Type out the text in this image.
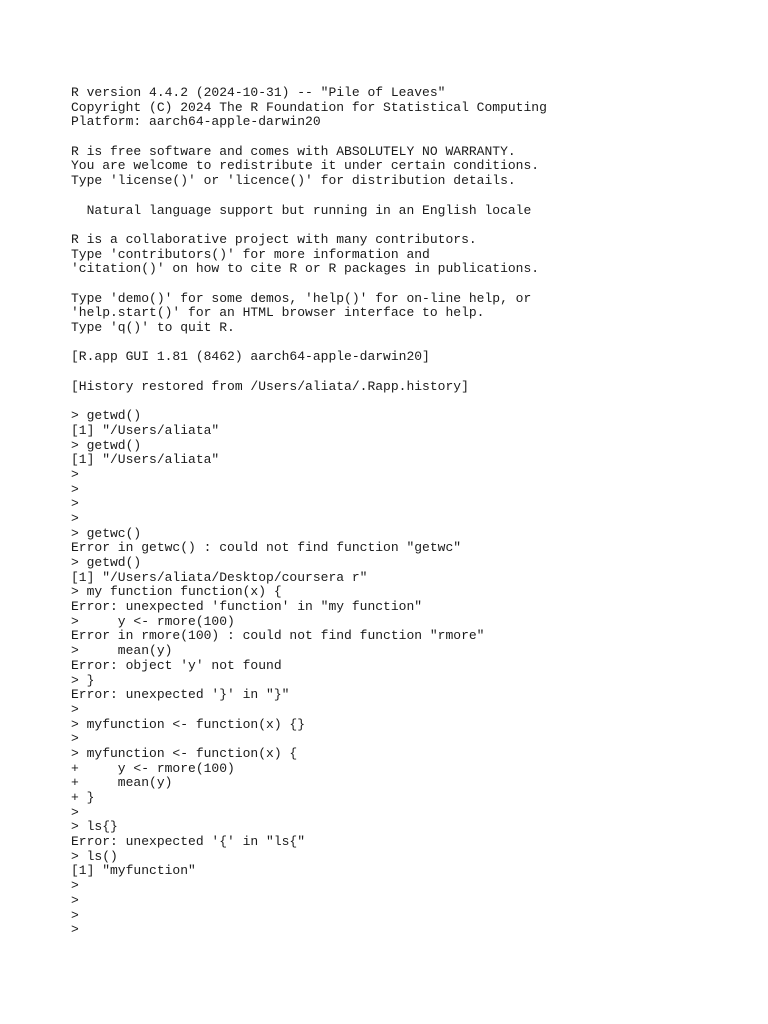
R version 4.4.2 (2024-10-31) -- "Pile of Leaves"
Copyright (C) 2024 The R Foundation for Statistical Computing
Platform: aarch64-apple-darwin20
R is free software and comes with ABSOLUTELY NO WARRANTY.
You are welcome to redistribute it under certain conditions.
Type 'license()' or 'licence()' for distribution details.
Natural language support but running in an English locale
R is a collaborative project with many contributors.
Type 'contributors()' for more information and
'citation()' on how to cite R or R packages in publications.
Type 'demo()' for some demos, 'help()' for on-line help, or
'help.start()' for an HTML browser interface to help.
Type 'q()' to quit R.
[R.app GUI 1.81 (8462) aarch64-apple-darwin20]
[History restored from /Users/aliata/.Rapp.history]
> getwd()
[1] "/Users/aliata"
> getwd()
[1] "/Users/aliata"
>
>
>
>
> getwc()
Error in getwc() : could not find function "getwc"
> getwd()
[1] "/Users/aliata/Desktop/coursera r"
> my function function(x) {
Error: unexpected 'function' in "my function"
>     y <- rmore(100)
Error in rmore(100) : could not find function "rmore"
>     mean(y)
Error: object 'y' not found
> }
Error: unexpected '}' in "}"
>
> myfunction <- function(x) {}
>
> myfunction <- function(x) {
+     y <- rmore(100)
+     mean(y)
+ }
>
> ls{}
Error: unexpected '{' in "ls{"
> ls()
[1] "myfunction"
>
>
>
>
